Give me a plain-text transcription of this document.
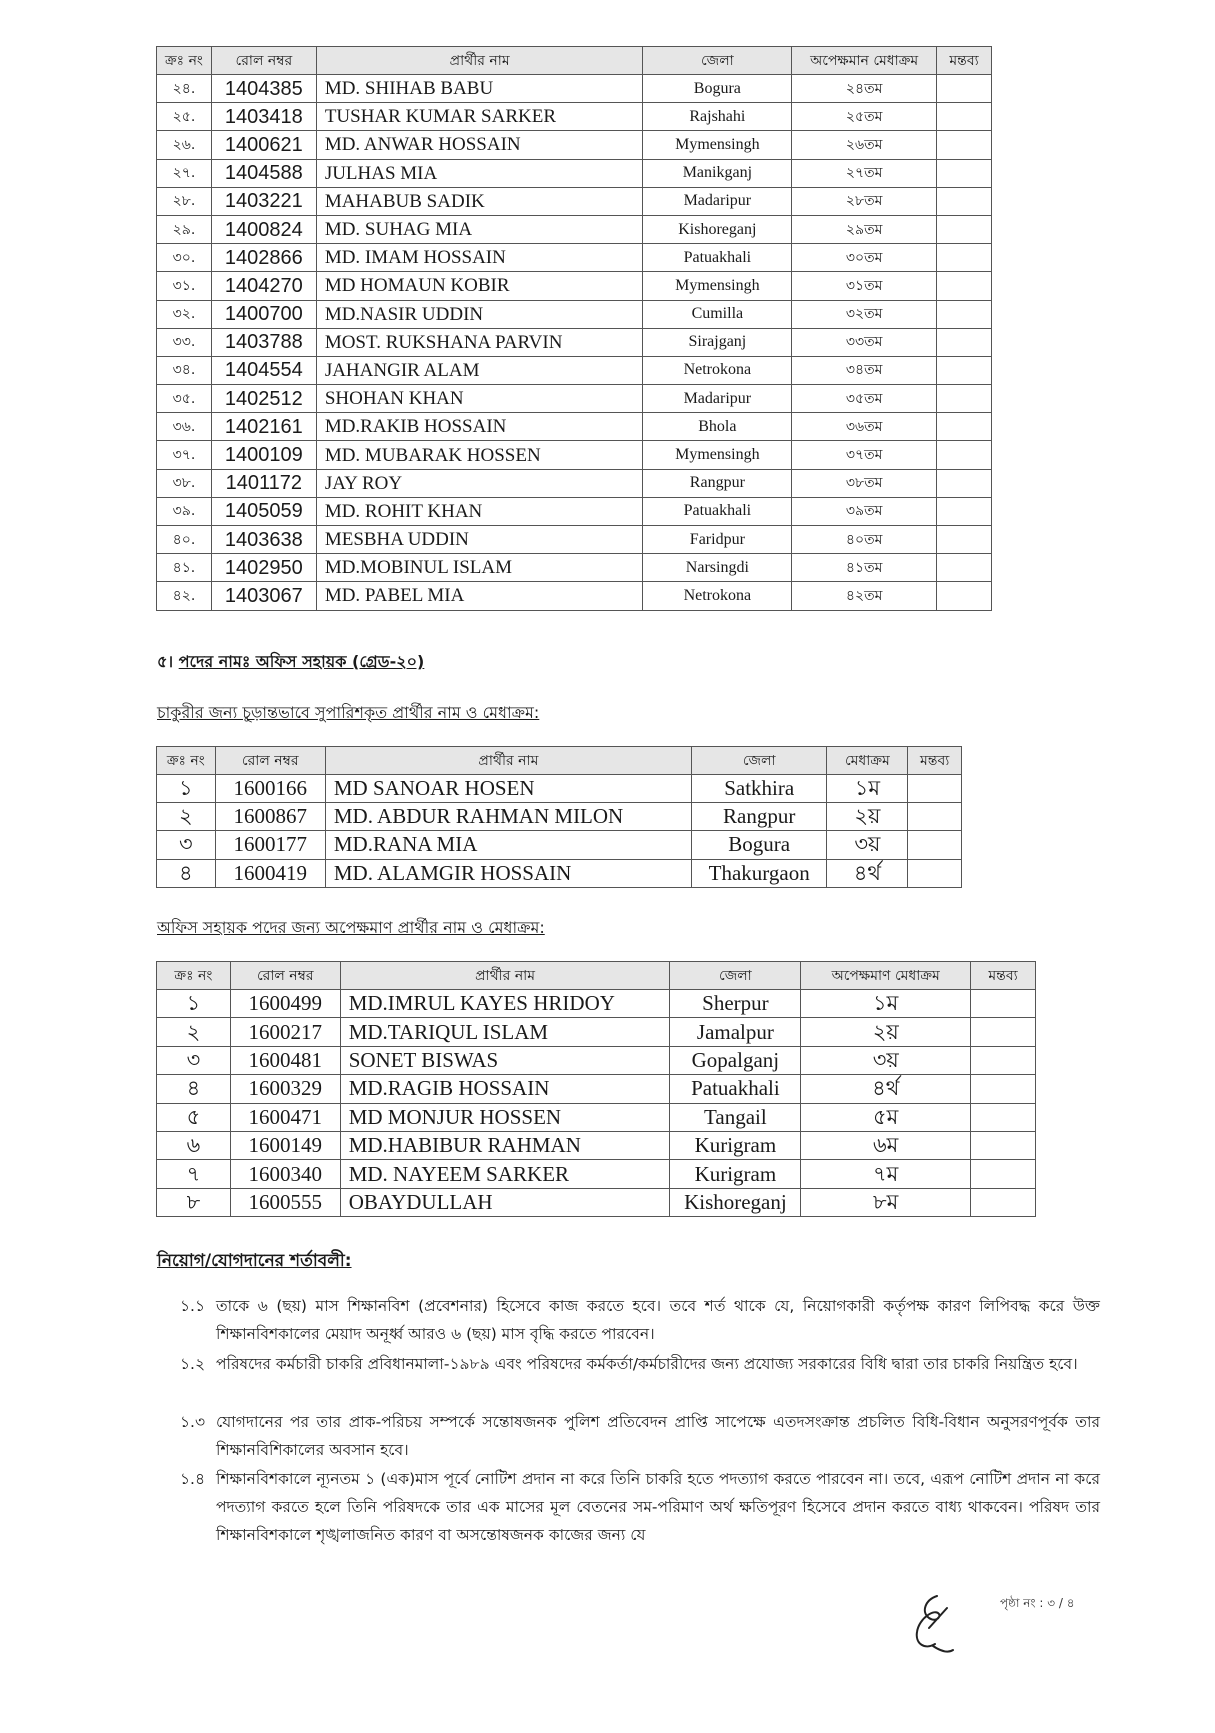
ক্রঃ নং	রোল নম্বর	প্রার্থীর নাম	জেলা	অপেক্ষমান মেধাক্রম	মন্তব্য
২৪.	1404385	MD. SHIHAB BABU	Bogura	২৪তম	
২৫.	1403418	TUSHAR KUMAR SARKER	Rajshahi	২৫তম	
২৬.	1400621	MD. ANWAR HOSSAIN	Mymensingh	২৬তম	
২৭.	1404588	JULHAS MIA	Manikganj	২৭তম	
২৮.	1403221	MAHABUB SADIK	Madaripur	২৮তম	
২৯.	1400824	MD. SUHAG MIA	Kishoreganj	২৯তম	
৩০.	1402866	MD. IMAM HOSSAIN	Patuakhali	৩০তম	
৩১.	1404270	MD HOMAUN KOBIR	Mymensingh	৩১তম	
৩২.	1400700	MD.NASIR UDDIN	Cumilla	৩২তম	
৩৩.	1403788	MOST. RUKSHANA PARVIN	Sirajganj	৩৩তম	
৩৪.	1404554	JAHANGIR ALAM	Netrokona	৩৪তম	
৩৫.	1402512	SHOHAN KHAN	Madaripur	৩৫তম	
৩৬.	1402161	MD.RAKIB HOSSAIN	Bhola	৩৬তম	
৩৭.	1400109	MD. MUBARAK HOSSEN	Mymensingh	৩৭তম	
৩৮.	1401172	JAY ROY	Rangpur	৩৮তম	
৩৯.	1405059	MD. ROHIT KHAN	Patuakhali	৩৯তম	
৪০.	1403638	MESBHA UDDIN	Faridpur	৪০তম	
৪১.	1402950	MD.MOBINUL ISLAM	Narsingdi	৪১তম	
৪২.	1403067	MD. PABEL MIA	Netrokona	৪২তম	
৫। পদের নামঃ অফিস সহায়ক (গ্রেড-২০)
চাকুরীর জন্য চূড়ান্তভাবে সুপারিশকৃত প্রার্থীর নাম ও মেধাক্রম:
ক্রঃ নং	রোল নম্বর	প্রার্থীর নাম	জেলা	মেধাক্রম	মন্তব্য
১	1600166	MD SANOAR HOSEN	Satkhira	১ম	
২	1600867	MD. ABDUR RAHMAN MILON	Rangpur	২য়	
৩	1600177	MD.RANA MIA	Bogura	৩য়	
৪	1600419	MD. ALAMGIR HOSSAIN	Thakurgaon	৪র্থ	
অফিস সহায়ক পদের জন্য অপেক্ষমাণ প্রার্থীর নাম ও মেধাক্রম:
ক্রঃ নং	রোল নম্বর	প্রার্থীর নাম	জেলা	অপেক্ষমাণ মেধাক্রম	মন্তব্য
১	1600499	MD.IMRUL KAYES HRIDOY	Sherpur	১ম	
২	1600217	MD.TARIQUL ISLAM	Jamalpur	২য়	
৩	1600481	SONET BISWAS	Gopalganj	৩য়	
৪	1600329	MD.RAGIB HOSSAIN	Patuakhali	৪র্থ	
৫	1600471	MD MONJUR HOSSEN	Tangail	৫ম	
৬	1600149	MD.HABIBUR RAHMAN	Kurigram	৬ম	
৭	1600340	MD. NAYEEM SARKER	Kurigram	৭ম	
৮	1600555	OBAYDULLAH	Kishoreganj	৮ম	
নিয়োগ/যোগদানের শর্তাবলী:
১.১ তাকে ৬ (ছয়) মাস শিক্ষানবিশ (প্রবেশনার) হিসেবে কাজ করতে হবে। তবে শর্ত থাকে যে, নিয়োগকারী কর্তৃপক্ষ কারণ লিপিবদ্ধ করে উক্ত শিক্ষানবিশকালের মেয়াদ অনূর্ধ্ব আরও ৬ (ছয়) মাস বৃদ্ধি করতে পারবেন।
১.২ পরিষদের কর্মচারী চাকরি প্রবিধানমালা-১৯৮৯ এবং পরিষদের কর্মকর্তা/কর্মচারীদের জন্য প্রযোজ্য সরকারের বিধি দ্বারা তার চাকরি নিয়ন্ত্রিত হবে।
১.৩ যোগদানের পর তার প্রাক-পরিচয় সম্পর্কে সন্তোষজনক পুলিশ প্রতিবেদন প্রাপ্তি সাপেক্ষে এতদসংক্রান্ত প্রচলিত বিধি-বিধান অনুসরণপূর্বক তার শিক্ষানবিশিকালের অবসান হবে।
১.৪ শিক্ষানবিশকালে ন্যূনতম ১ (এক)মাস পূর্বে নোটিশ প্রদান না করে তিনি চাকরি হতে পদত্যাগ করতে পারবেন না। তবে, এরূপ নোটিশ প্রদান না করে পদত্যাগ করতে হলে তিনি পরিষদকে তার এক মাসের মূল বেতনের সম-পরিমাণ অর্থ ক্ষতিপূরণ হিসেবে প্রদান করতে বাধ্য থাকবেন। পরিষদ তার শিক্ষানবিশকালে শৃঙ্খলাজনিত কারণ বা অসন্তোষজনক কাজের জন্য যে
পৃষ্ঠা নং : ৩ / ৪
